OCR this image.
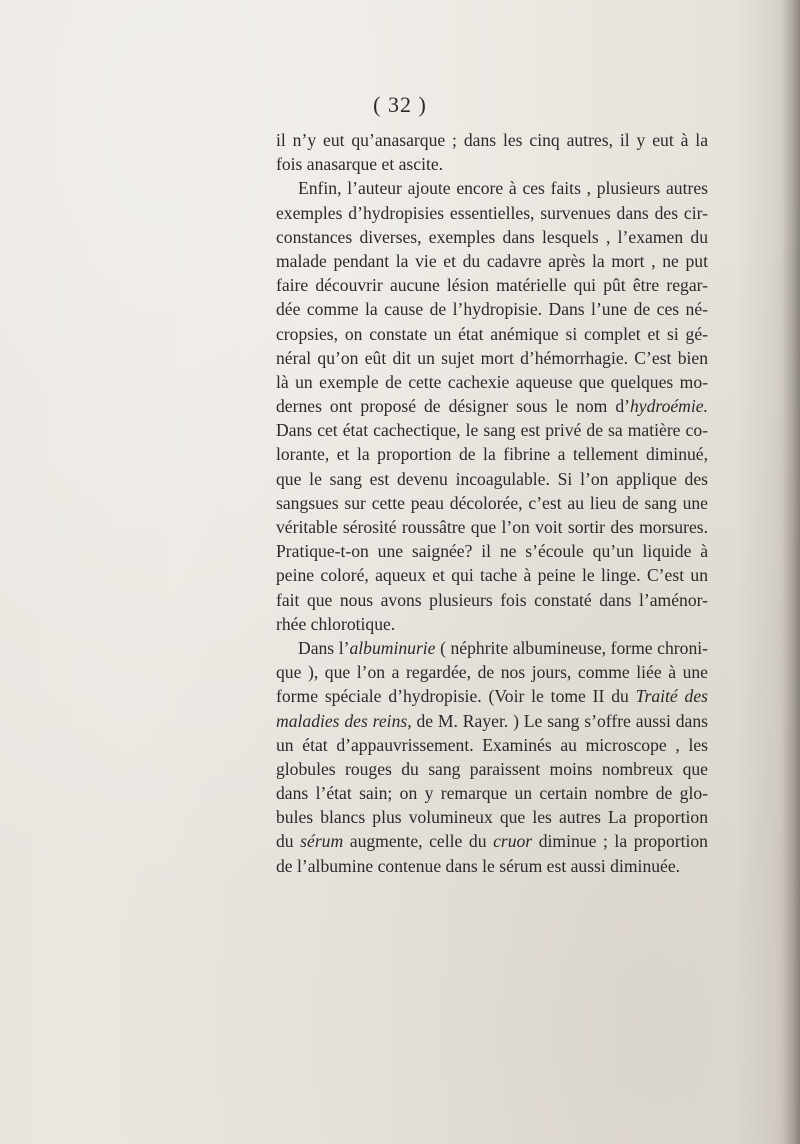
( 32 )
il n’y eut qu’anasarque ; dans les cinq autres, il y eut à la
fois anasarque et ascite.
Enfin, l’auteur ajoute encore à ces faits , plusieurs autres
exemples d’hydropisies essentielles, survenues dans des cir-
constances diverses, exemples dans lesquels , l’examen du
malade pendant la vie et du cadavre après la mort , ne put
faire découvrir aucune lésion matérielle qui pût être regar-
dée comme la cause de l’hydropisie. Dans l’une de ces né-
cropsies, on constate un état anémique si complet et si gé-
néral qu’on eût dit un sujet mort d’hémorrhagie. C’est bien
là un exemple de cette cachexie aqueuse que quelques mo-
dernes ont proposé de désigner sous le nom d’hydroémie.
Dans cet état cachectique, le sang est privé de sa matière co-
lorante, et la proportion de la fibrine a tellement diminué,
que le sang est devenu incoagulable. Si l’on applique des
sangsues sur cette peau décolorée, c’est au lieu de sang une
véritable sérosité roussâtre que l’on voit sortir des morsures.
Pratique-t-on une saignée? il ne s’écoule qu’un liquide à
peine coloré, aqueux et qui tache à peine le linge. C’est un
fait que nous avons plusieurs fois constaté dans l’aménor-
rhée chlorotique.
Dans l’albuminurie ( néphrite albumineuse, forme chroni-
que ), que l’on a regardée, de nos jours, comme liée à une
forme spéciale d’hydropisie. (Voir le tome II du Traité des
maladies des reins, de M. Rayer. ) Le sang s’offre aussi dans
un état d’appauvrissement. Examinés au microscope , les
globules rouges du sang paraissent moins nombreux que
dans l’état sain; on y remarque un certain nombre de glo-
bules blancs plus volumineux que les autres La proportion
du sérum augmente, celle du cruor diminue ; la proportion
de l’albumine contenue dans le sérum est aussi diminuée.
